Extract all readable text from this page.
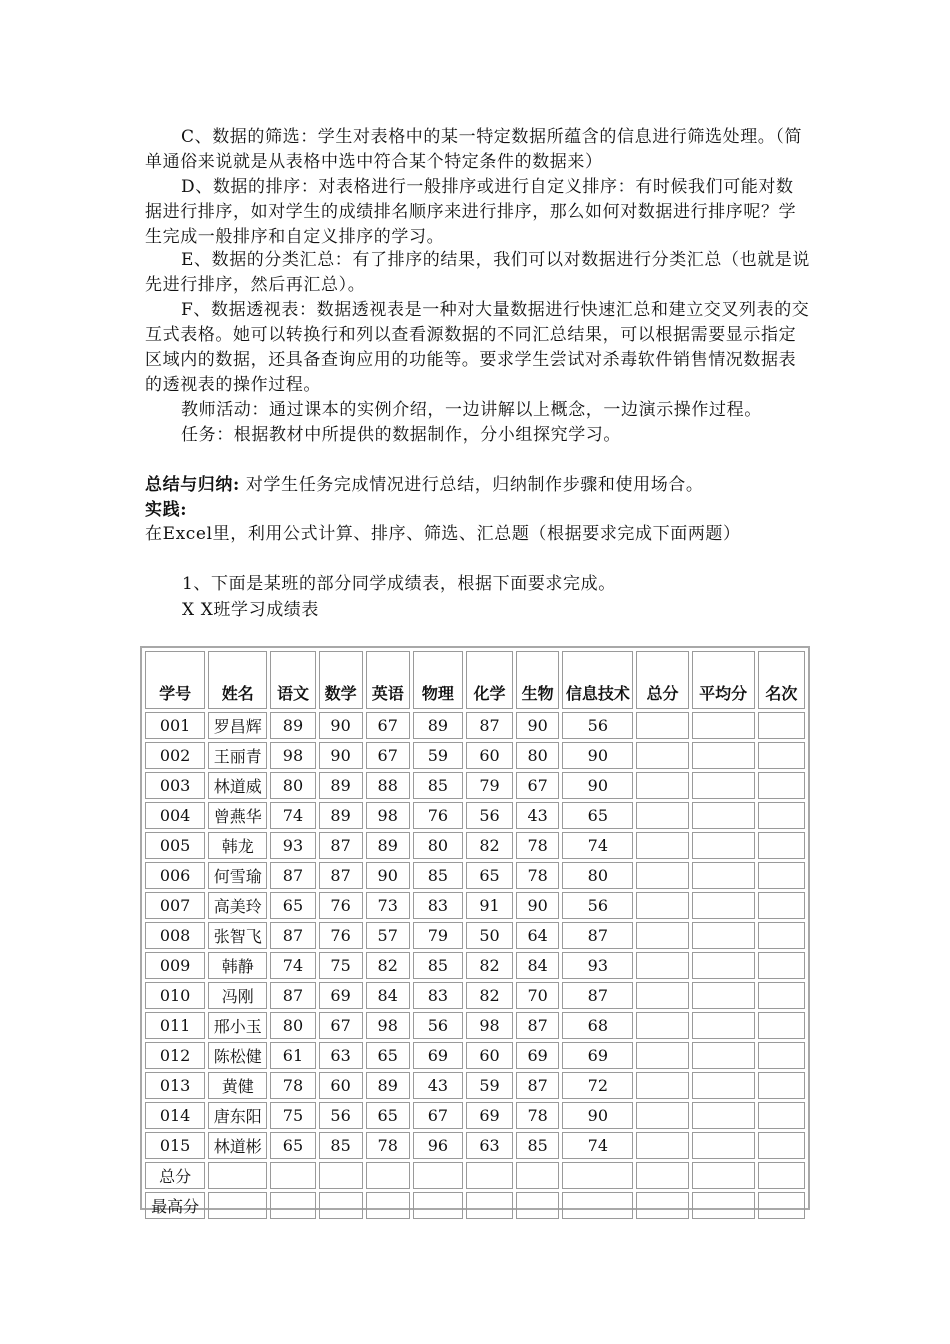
C、数据的筛选：学生对表格中的某一特定数据所蕴含的信息进行筛选处理。（简单通俗来说就是从表格中选中符合某个特定条件的数据来）

D、数据的排序：对表格进行一般排序或进行自定义排序：有时候我们可能对数据进行排序，如对学生的成绩排名顺序来进行排序，那么如何对数据进行排序呢？学生完成一般排序和自定义排序的学习。

E、数据的分类汇总：有了排序的结果，我们可以对数据进行分类汇总（也就是说先进行排序，然后再汇总）。

F、数据透视表：数据透视表是一种对大量数据进行快速汇总和建立交叉列表的交互式表格。她可以转换行和列以查看源数据的不同汇总结果，可以根据需要显示指定区域内的数据，还具备查询应用的功能等。要求学生尝试对杀毒软件销售情况数据表的透视表的操作过程。

教师活动：通过课本的实例介绍，一边讲解以上概念，一边演示操作过程。

任务：根据教材中所提供的数据制作，分小组探究学习。

总结与归纳: 对学生任务完成情况进行总结，归纳制作步骤和使用场合。
实践:
在Excel里，利用公式计算、排序、筛选、汇总题（根据要求完成下面两题）
1、下面是某班的部分同学成绩表，根据下面要求完成。
X X班学习成绩表
学号	姓名	语文	数学	英语	物理	化学	生物	信息技术	总分	平均分	名次
001	罗昌辉	89	90	67	89	87	90	56			
002	王丽青	98	90	67	59	60	80	90			
003	林道威	80	89	88	85	79	67	90			
004	曾燕华	74	89	98	76	56	43	65			
005	韩龙	93	87	89	80	82	78	74			
006	何雪瑜	87	87	90	85	65	78	80			
007	高美玲	65	76	73	83	91	90	56			
008	张智飞	87	76	57	79	50	64	87			
009	韩静	74	75	82	85	82	84	93			
010	冯刚	87	69	84	83	82	70	87			
011	邢小玉	80	67	98	56	98	87	68			
012	陈松健	61	63	65	69	60	69	69			
013	黄健	78	60	89	43	59	87	72			
014	唐东阳	75	56	65	67	69	78	90			
015	林道彬	65	85	78	96	63	85	74			
总分											
最高分											
